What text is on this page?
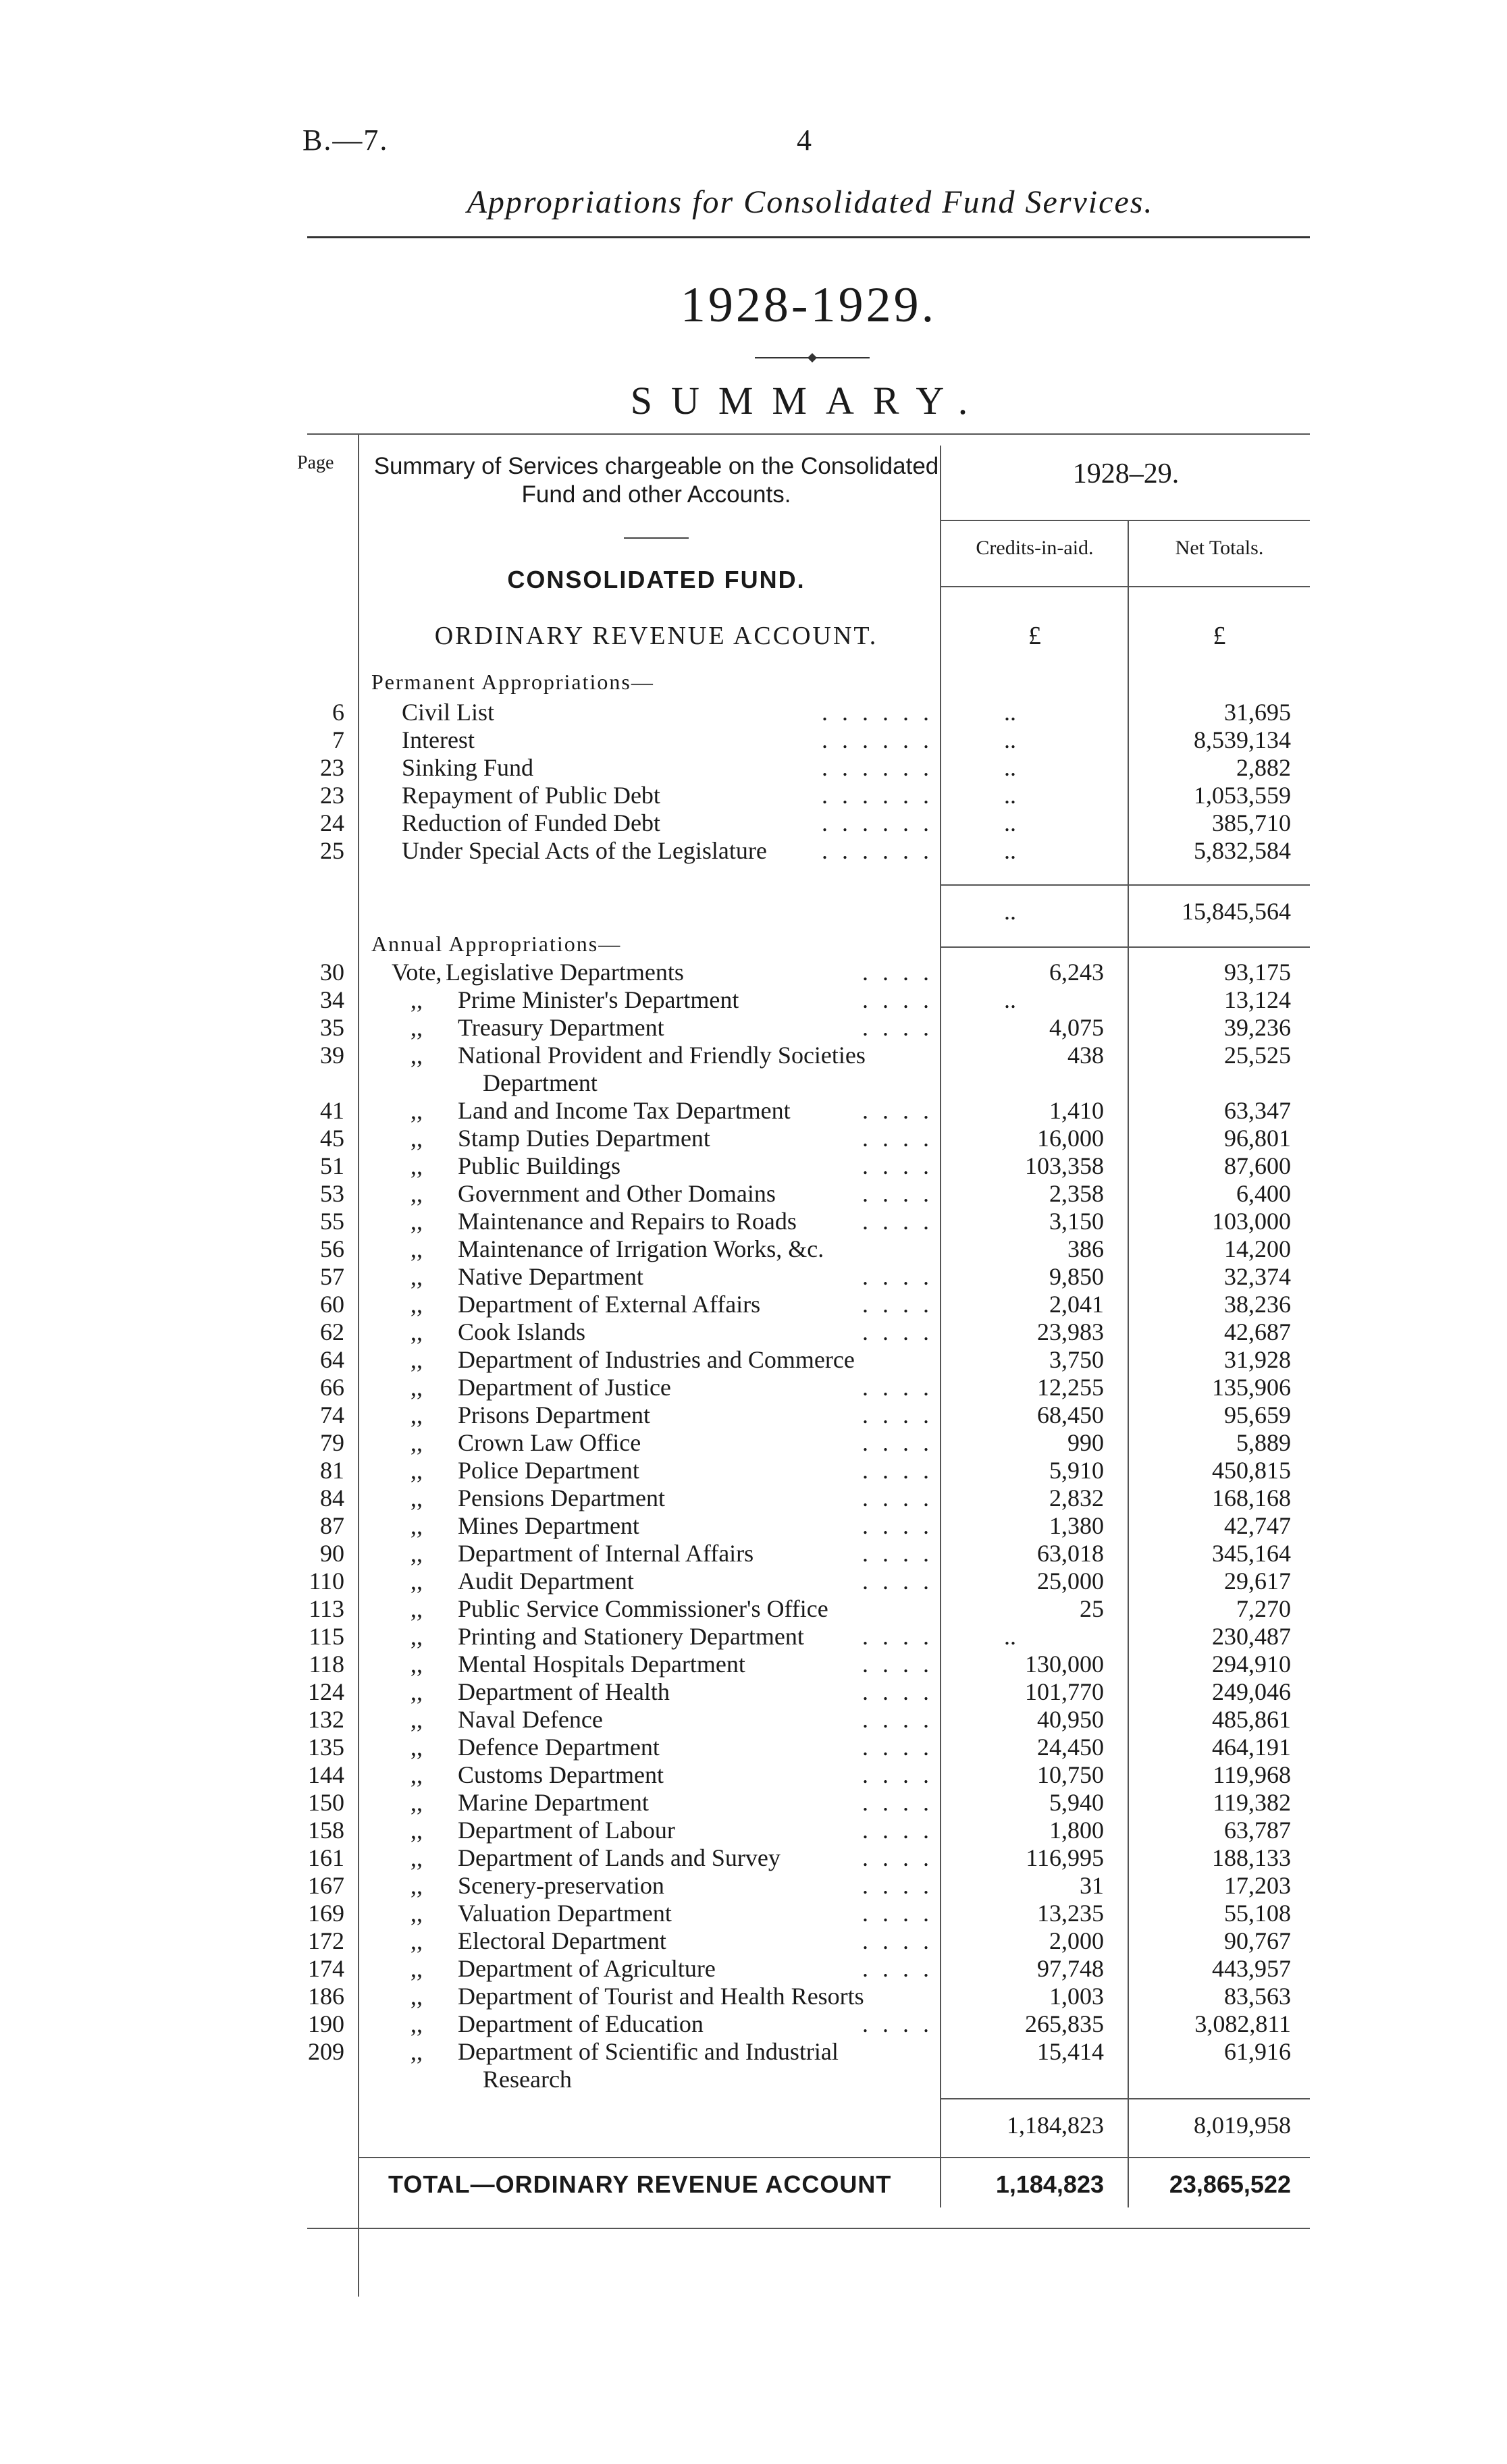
B.—7.	4
Appropriations for Consolidated Fund Services.
1928-1929.
SUMMARY.
Page Summary of Services chargeable on the Consolidated Fund and other Accounts.
1928–29.
Credits-in-aid.	Net Totals.
CONSOLIDATED FUND.
ORDINARY REVENUE ACCOUNT.	£	£
Permanent Appropriations—
6 Civil List	. . . . . .	..	31,695
7 Interest	. . . . . .	..	8,539,134
23 Sinking Fund	. . . . . .	..	2,882
23 Repayment of Public Debt	. . . . . .	..	1,053,559
24 Reduction of Funded Debt	. . . . . .	..	385,710
25 Under Special Acts of the Legislature . . . . . .	..	5,832,584
..	15,845,564
Annual Appropriations—
30 Vote, Legislative Departments	. . . .	6,243	93,175
34	,, Prime Minister's Department	. . . .	..	13,124
35	,, Treasury Department	. . . .	4,075	39,236
39	,, National Provident and Friendly Societies
Department
438	25,525
41	,, Land and Income Tax Department	. . . .	1,410	63,347
45	,, Stamp Duties Department	. . . .	16,000	96,801
51	,, Public Buildings	. . . .	103,358	87,600
53	,, Government and Other Domains	. . . .	2,358	6,400
55	,, Maintenance and Repairs to Roads	. . . .	3,150	103,000
56	,, Maintenance of Irrigation Works, &c.	386	14,200
57	,, Native Department	. . . .	9,850	32,374
60	,, Department of External Affairs	. . . .	2,041	38,236
62	,, Cook Islands	. . . .	23,983	42,687
64	,, Department of Industries and Commerce	3,750	31,928
66	,, Department of Justice	. . . .	12,255	135,906
74	,, Prisons Department	. . . .	68,450	95,659
79	,, Crown Law Office	. . . .	990	5,889
81	,, Police Department	. . . .	5,910	450,815
84	,, Pensions Department	. . . .	2,832	168,168
87	,, Mines Department	. . . .	1,380	42,747
90	,, Department of Internal Affairs	. . . .	63,018	345,164
110	,, Audit Department	. . . .	25,000	29,617
113	,, Public Service Commissioner's Office	25	7,270
115	,, Printing and Stationery Department . . . .	..	230,487
118	,, Mental Hospitals Department	. . . .	130,000	294,910
124	,, Department of Health	. . . .	101,770	249,046
132	,, Naval Defence	. . . .	40,950	485,861
135	,, Defence Department	. . . .	24,450	464,191
144	,, Customs Department	. . . .	10,750	119,968
150	,, Marine Department	. . . .	5,940	119,382
158	,, Department of Labour	. . . .	1,800	63,787
161	,, Department of Lands and Survey	. . . .	116,995	188,133
167	,, Scenery-preservation	. . . .	31	17,203
169	,, Valuation Department	. . . .	13,235	55,108
172	,, Electoral Department	. . . .	2,000	90,767
174	,, Department of Agriculture	. . . .	97,748	443,957
186	,, Department of Tourist and Health Resorts	1,003	83,563
190	,, Department of Education	. . . .	265,835	3,082,811
209	,, Department of Scientific and Industrial
Research
15,414	61,916
1,184,823	8,019,958
TOTAL—ORDINARY REVENUE ACCOUNT	1,184,823	23,865,522
